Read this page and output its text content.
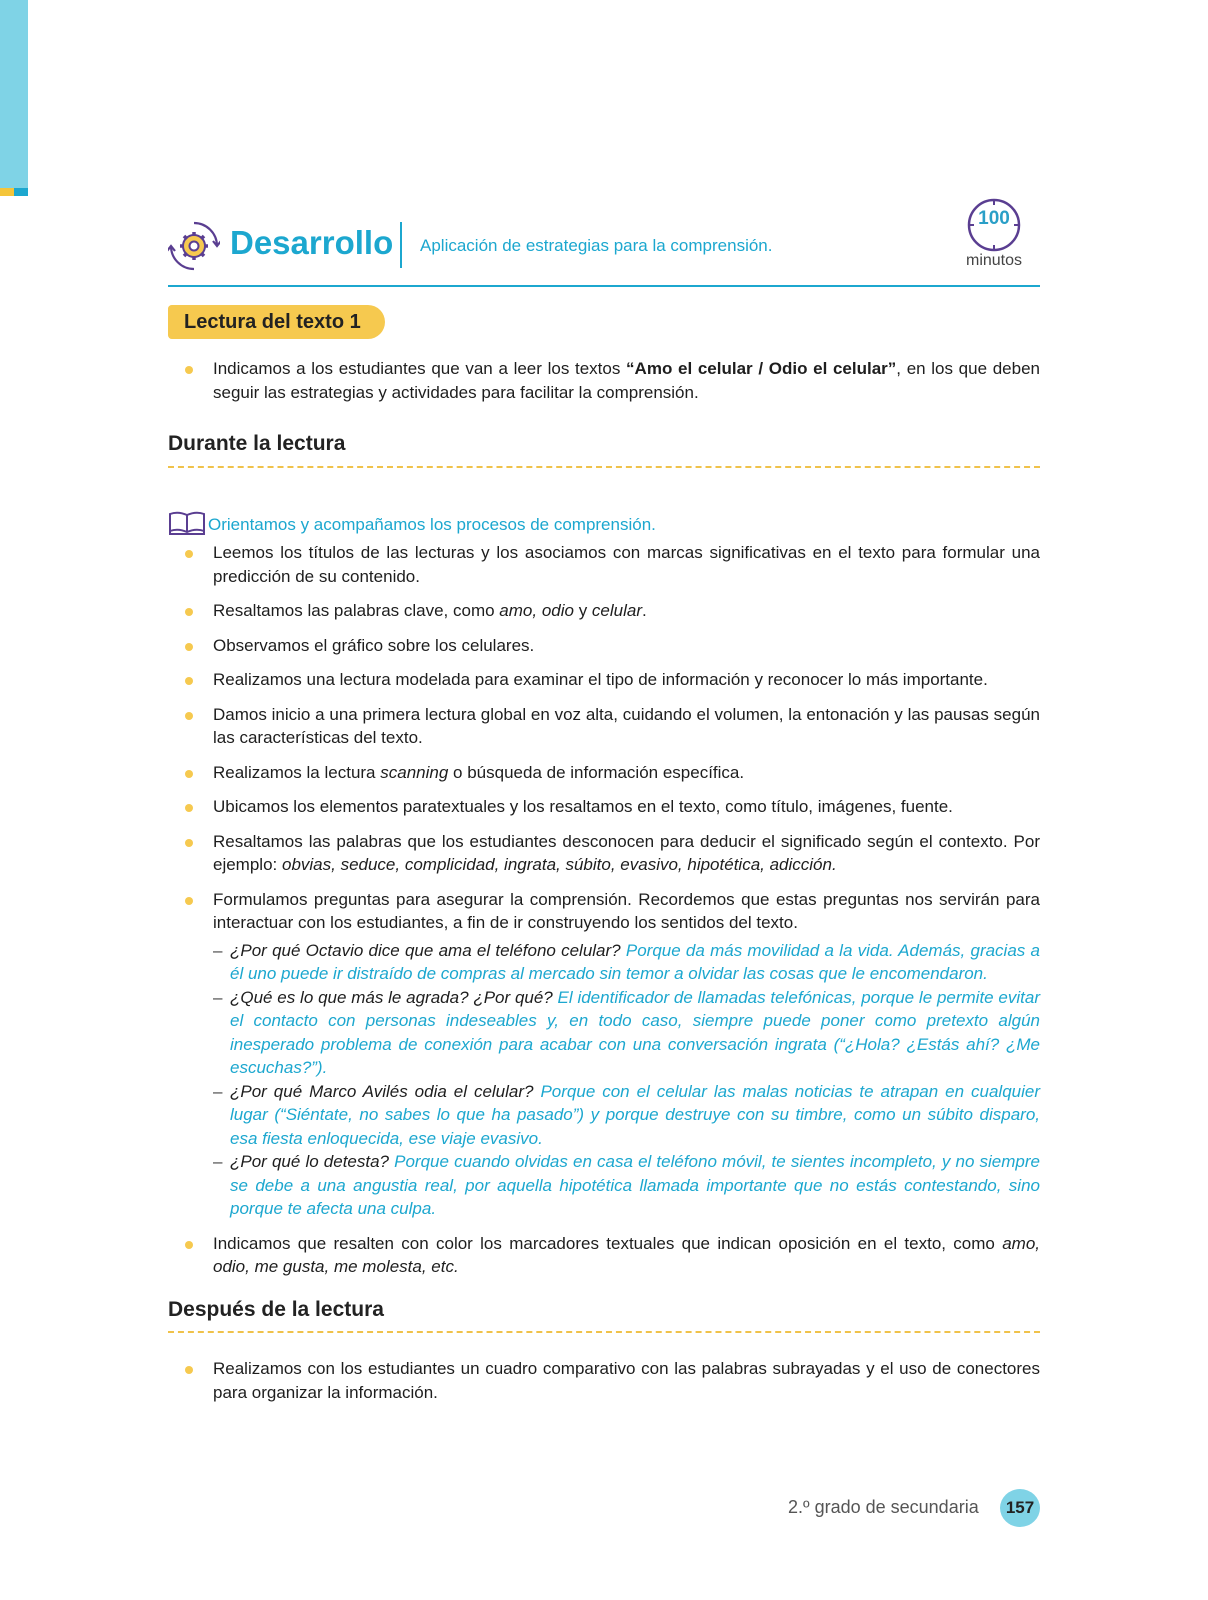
Desarrollo Aplicación de estrategias para la comprensión.
100
minutos
Lectura del texto 1
Indicamos a los estudiantes que van a leer los textos “Amo el celular / Odio el celular”, en los que deben seguir las estrategias y actividades para facilitar la comprensión.
Durante la lectura
Orientamos y acompañamos los procesos de comprensión.
Leemos los títulos de las lecturas y los asociamos con marcas significativas en el texto para formular una predicción de su contenido.
Resaltamos las palabras clave, como amo, odio y celular.
Observamos el gráfico sobre los celulares.
Realizamos una lectura modelada para examinar el tipo de información y reconocer lo más importante.
Damos inicio a una primera lectura global en voz alta, cuidando el volumen, la entonación y las pausas según las características del texto.
Realizamos la lectura scanning o búsqueda de información específica.
Ubicamos los elementos paratextuales y los resaltamos en el texto, como título, imágenes, fuente.
Resaltamos las palabras que los estudiantes desconocen para deducir el significado según el contexto. Por ejemplo: obvias, seduce, complicidad, ingrata, súbito, evasivo, hipotética, adicción.
Formulamos preguntas para asegurar la comprensión. Recordemos que estas preguntas nos servirán para interactuar con los estudiantes, a fin de ir construyendo los sentidos del texto.
– ¿Por qué Octavio dice que ama el teléfono celular? Porque da más movilidad a la vida. Además, gracias a él uno puede ir distraído de compras al mercado sin temor a olvidar las cosas que le encomendaron.
– ¿Qué es lo que más le agrada? ¿Por qué? El identificador de llamadas telefónicas, porque le permite evitar el contacto con personas indeseables y, en todo caso, siempre puede poner como pretexto algún inesperado problema de conexión para acabar con una conversación ingrata (“¿Hola? ¿Estás ahí? ¿Me escuchas?”).
– ¿Por qué Marco Avilés odia el celular? Porque con el celular las malas noticias te atrapan en cualquier lugar (“Siéntate, no sabes lo que ha pasado”) y porque destruye con su timbre, como un súbito disparo, esa fiesta enloquecida, ese viaje evasivo.
– ¿Por qué lo detesta? Porque cuando olvidas en casa el teléfono móvil, te sientes incompleto, y no siempre se debe a una angustia real, por aquella hipotética llamada importante que no estás contestando, sino porque te afecta una culpa.
Indicamos que resalten con color los marcadores textuales que indican oposición en el texto, como amo, odio, me gusta, me molesta, etc.
Después de la lectura
Realizamos con los estudiantes un cuadro comparativo con las palabras subrayadas y el uso de conectores para organizar la información.
2.º grado de secundaria	157
